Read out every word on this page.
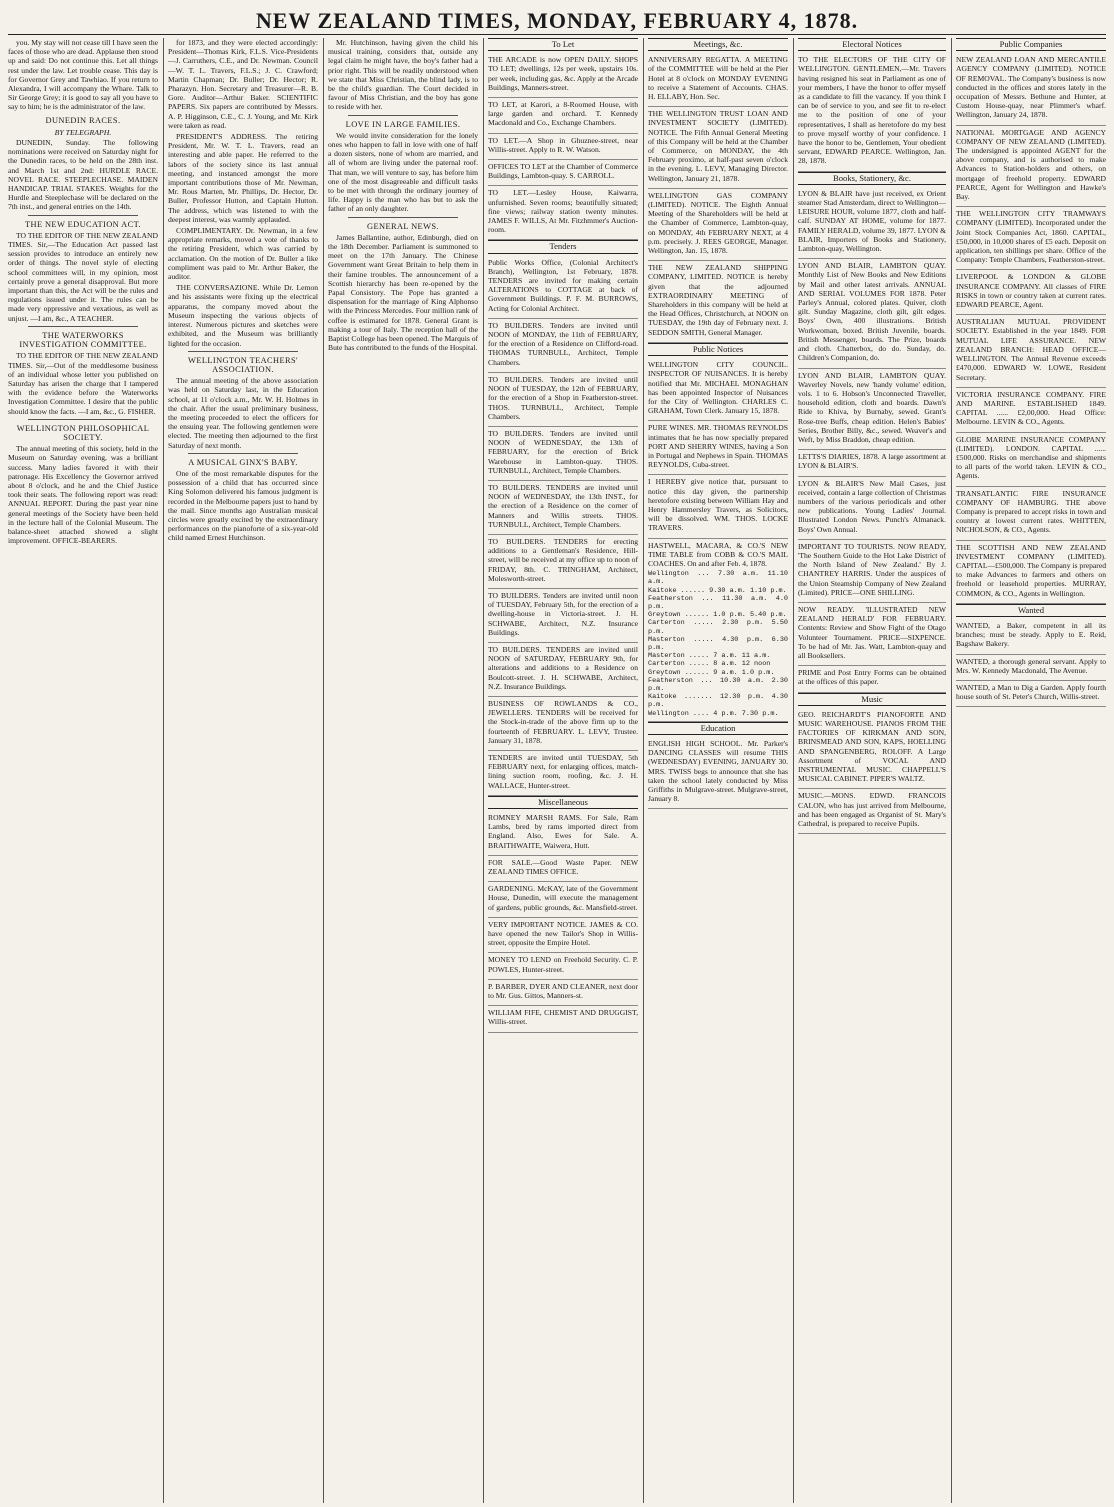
NEW ZEALAND TIMES, MONDAY, FEBRUARY 4, 1878.

you. My stay will not cease till I have seen the faces of those who are dead. Applause then stood up and said: Do not continue this. Let all things rest under the law. Let trouble cease. This day is for Governor Grey and Tawhiao. If you return to Alexandra, I will accompany the Whare. Talk to Sir George Grey; it is good to say all you have to say to him; he is the administrator of the law.

DUNEDIN RACES.
BY TELEGRAPH.

DUNEDIN, Sunday. The following nominations were received on Saturday night for the Dunedin races, to be held on the 28th inst. and March 1st and 2nd: HURDLE RACE. NOVEL RACE. STEEPLECHASE. MAIDEN HANDICAP. TRIAL STAKES. Weights for the Hurdle and Steeplechase will be declared on the 7th inst., and general entries on the 14th.

THE NEW EDUCATION ACT.

TO THE EDITOR OF THE NEW ZEALAND TIMES. Sir,—The Education Act passed last session provides to introduce an entirely new order of things. The novel style of electing school committees will, in my opinion, most certainly prove a general disapproval. But more important than this, the Act will be the rules and regulations issued under it. The rules can be made very oppressive and vexatious, as well as unjust. —I am, &c., A TEACHER.

THE WATERWORKS INVESTIGATION COMMITTEE.

TO THE EDITOR OF THE NEW ZEALAND TIMES. Sir,—Out of the meddlesome business of an individual whose letter you published on Saturday has arisen the charge that I tampered with the evidence before the Waterworks Investigation Committee. I desire that the public should know the facts. —I am, &c., G. FISHER.

WELLINGTON PHILOSOPHICAL SOCIETY.

The annual meeting of this society, held in the Museum on Saturday evening, was a brilliant success. Many ladies favored it with their patronage. His Excellency the Governor arrived about 8 o'clock, and he and the Chief Justice took their seats. The following report was read: ANNUAL REPORT. During the past year nine general meetings of the Society have been held in the lecture hall of the Colonial Museum. The balance-sheet attached showed a slight improvement. OFFICE-BEARERS.

for 1873, and they were elected accordingly: President—Thomas Kirk, F.L.S. Vice-Presidents—J. Carruthers, C.E., and Dr. Newman. Council—W. T. L. Travers, F.L.S.; J. C. Crawford; Martin Chapman; Dr. Buller; Dr. Hector; R. Pharazyn. Hon. Secretary and Treasurer—R. B. Gore. Auditor—Arthur Baker. SCIENTIFIC PAPERS. Six papers are contributed by Messrs. A. P. Higginson, C.E., C. J. Young, and Mr. Kirk were taken as read.

PRESIDENT'S ADDRESS. The retiring President, Mr. W. T. L. Travers, read an interesting and able paper. He referred to the labors of the society since its last annual meeting, and instanced amongst the more important contributions those of Mr. Newman, Mr. Rous Marten, Mr. Phillips, Dr. Hector, Dr. Buller, Professor Hutton, and Captain Hutton. The address, which was listened to with the deepest interest, was warmly applauded.

COMPLIMENTARY. Dr. Newman, in a few appropriate remarks, moved a vote of thanks to the retiring President, which was carried by acclamation. On the motion of Dr. Buller a like compliment was paid to Mr. Arthur Baker, the auditor.

THE CONVERSAZIONE. While Dr. Lemon and his assistants were fixing up the electrical apparatus, the company moved about the Museum inspecting the various objects of interest. Numerous pictures and sketches were exhibited, and the Museum was brilliantly lighted for the occasion.

WELLINGTON TEACHERS' ASSOCIATION.

The annual meeting of the above association was held on Saturday last, in the Education school, at 11 o'clock a.m., Mr. W. H. Holmes in the chair. After the usual preliminary business, the meeting proceeded to elect the officers for the ensuing year. The following gentlemen were elected. The meeting then adjourned to the first Saturday of next month.

A MUSICAL GINX'S BABY.

One of the most remarkable disputes for the possession of a child that has occurred since King Solomon delivered his famous judgment is recorded in the Melbourne papers just to hand by the mail. Since months ago Australian musical circles were greatly excited by the extraordinary performances on the pianoforte of a six-year-old child named Ernest Hutchinson.

Mr. Hutchinson, having given the child his musical training, considers that, outside any legal claim he might have, the boy's father had a prior right. This will be readily understood when we state that Miss Christian, the blind lady, is to be the child's guardian. The Court decided in favour of Miss Christian, and the boy has gone to reside with her.

LOVE IN LARGE FAMILIES.

We would invite consideration for the lonely ones who happen to fall in love with one of half a dozen sisters, none of whom are married, and all of whom are living under the paternal roof. That man, we will venture to say, has before him one of the most disagreeable and difficult tasks to be met with through the ordinary journey of life. Happy is the man who has but to ask the father of an only daughter.

GENERAL NEWS.

James Ballantine, author, Edinburgh, died on the 18th December. Parliament is summoned to meet on the 17th January. The Chinese Government want Great Britain to help them in their famine troubles. The announcement of a Scottish hierarchy has been re-opened by the Papal Consistory. The Pope has granted a dispensation for the marriage of King Alphonso with the Princess Mercedes. Four million rank of coffee is estimated for 1878. General Grant is making a tour of Italy. The reception hall of the Baptist College has been opened. The Marquis of Bute has contributed to the funds of the Hospital.

To Let

THE ARCADE is now OPEN DAILY. SHOPS TO LET; dwellings, 12s per week, upstairs 10s. per week, including gas, &c. Apply at the Arcade Buildings, Manners-street.

TO LET, at Karori, a 8-Roomed House, with large garden and orchard. T. Kennedy Macdonald and Co., Exchange Chambers.

TO LET.—A Shop in Ghuznee-street, near Willis-street. Apply to R. W. Watson.

OFFICES TO LET at the Chamber of Commerce Buildings, Lambton-quay. S. CARROLL.

TO LET.—Lesley House, Kaiwarra, unfurnished. Seven rooms; beautifully situated; fine views; railway station twenty minutes. JAMES F. WILLS, At Mr. Fitzhmmer's Auction-room.

Tenders

Public Works Office, (Colonial Architect's Branch), Wellington, 1st February, 1878. TENDERS are invited for making certain ALTERATIONS to COTTAGE at back of Government Buildings. P. F. M. BURROWS, Acting for Colonial Architect.

TO BUILDERS. Tenders are invited until NOON of MONDAY, the 11th of FEBRUARY, for the erection of a Residence on Clifford-road. THOMAS TURNBULL, Architect, Temple Chambers.

TO BUILDERS. Tenders are invited until NOON of TUESDAY, the 12th of FEBRUARY, for the erection of a Shop in Featherston-street. THOS. TURNBULL, Architect, Temple Chambers.

TO BUILDERS. Tenders are invited until NOON of WEDNESDAY, the 13th of FEBRUARY, for the erection of Brick Warehouse in Lambton-quay. THOS. TURNBULL, Architect, Temple Chambers.

TO BUILDERS. TENDERS are invited until NOON of WEDNESDAY, the 13th INST., for the erection of a Residence on the corner of Manners and Willis streets. THOS. TURNBULL, Architect, Temple Chambers.

TO BUILDERS. TENDERS for erecting additions to a Gentleman's Residence, Hill-street, will be received at my office up to noon of FRIDAY, 8th. C. TRINGHAM, Architect, Molesworth-street.

TO BUILDERS. Tenders are invited until noon of TUESDAY, February 5th, for the erection of a dwelling-house in Victoria-street. J. H. SCHWABE, Architect, N.Z. Insurance Buildings.

TO BUILDERS. TENDERS are invited until NOON of SATURDAY, FEBRUARY 9th, for alterations and additions to a Residence on Boulcott-street. J. H. SCHWABE, Architect, N.Z. Insurance Buildings.

BUSINESS OF ROWLANDS & CO., JEWELLERS. TENDERS will be received for the Stock-in-trade of the above firm up to the fourteenth of FEBRUARY. L. LEVY, Trustee. January 31, 1878.

TENDERS are invited until TUESDAY, 5th FEBRUARY next, for enlarging offices, match-lining suction room, roofing, &c. J. H. WALLACE, Hunter-street.

Miscellaneous

ROMNEY MARSH RAMS. For Sale, Ram Lambs, bred by rams imported direct from England. Also, Ewes for Sale. A. BRAITHWAITE, Waiwera, Hutt.

FOR SALE.—Good Waste Paper. NEW ZEALAND TIMES OFFICE.

GARDENING. McKAY, late of the Government House, Dunedin, will execute the management of gardens, public grounds, &c. Mansfield-street.

VERY IMPORTANT NOTICE. JAMES & CO. have opened the new Tailor's Shop in Willis-street, opposite the Empire Hotel.

MONEY TO LEND on Freehold Security. C. P. POWLES, Hunter-street.

P. BARBER, DYER AND CLEANER, next door to Mr. Gus. Gittos, Manners-st.

WILLIAM FIFE, CHEMIST AND DRUGGIST, Willis-street.

Meetings, &c.

ANNIVERSARY REGATTA. A MEETING of the COMMITTEE will be held at the Pier Hotel at 8 o'clock on MONDAY EVENING to receive a Statement of Accounts. CHAS. H. ELLABY, Hon. Sec.

THE WELLINGTON TRUST LOAN AND INVESTMENT SOCIETY (LIMITED). NOTICE. The Fifth Annual General Meeting of this Company will be held at the Chamber of Commerce, on MONDAY, the 4th February proximo, at half-past seven o'clock in the evening. L. LEVY, Managing Director. Wellington, January 21, 1878.

WELLINGTON GAS COMPANY (LIMITED). NOTICE. The Eighth Annual Meeting of the Shareholders will be held at the Chamber of Commerce, Lambton-quay, on MONDAY, 4th FEBRUARY NEXT, at 4 p.m. precisely. J. REES GEORGE, Manager. Wellington, Jan. 15, 1878.

THE NEW ZEALAND SHIPPING COMPANY, LIMITED. NOTICE is hereby given that the adjourned EXTRAORDINARY MEETING of Shareholders in this company will be held at the Head Offices, Christchurch, at NOON on TUESDAY, the 19th day of February next. J. SEDDON SMITH, General Manager.

Public Notices

WELLINGTON CITY COUNCIL. INSPECTOR OF NUISANCES. It is hereby notified that Mr. MICHAEL MONAGHAN has been appointed Inspector of Nuisances for the City of Wellington. CHARLES C. GRAHAM, Town Clerk. January 15, 1878.

PURE WINES. MR. THOMAS REYNOLDS intimates that he has now specially prepared PORT AND SHERRY WINES, having a Son in Portugal and Nephews in Spain. THOMAS REYNOLDS, Cuba-street.

I HEREBY give notice that, pursuant to notice this day given, the partnership heretofore existing between William Hay and Henry Hammersley Travers, as Solicitors, will be dissolved. WM. THOS. LOCKE TRAVERS.

HASTWELL, MACARA, & CO.'S NEW TIME TABLE from COBB & CO.'S MAIL COACHES. On and after Feb. 4, 1878.

Wellington ... 7.30 a.m. 11.10 a.m.
Kaitoke ...... 9.30 a.m. 1.10 p.m.
Featherston ... 11.30 a.m. 4.0 p.m.
Greytown ...... 1.0 p.m. 5.40 p.m.
Carterton ..... 2.30 p.m. 5.50 p.m.
Masterton ..... 4.30 p.m. 6.30 p.m.
Masterton ..... 7 a.m. 11 a.m.
Carterton ..... 8 a.m. 12 noon
Greytown ...... 9 a.m. 1.0 p.m.
Featherston ... 10.30 a.m. 2.30 p.m.
Kaitoke ....... 12.30 p.m. 4.30 p.m.
Wellington .... 4 p.m. 7.30 p.m.
Education

ENGLISH HIGH SCHOOL. Mr. Parker's DANCING CLASSES will resume THIS (WEDNESDAY) EVENING, JANUARY 30. MRS. TWISS begs to announce that she has taken the school lately conducted by Miss Griffiths in Mulgrave-street. Mulgrave-street, January 8.

Electoral Notices

TO THE ELECTORS OF THE CITY OF WELLINGTON. GENTLEMEN,—Mr. Travers having resigned his seat in Parliament as one of your members, I have the honor to offer myself as a candidate to fill the vacancy. If you think I can be of service to you, and see fit to re-elect me to the position of one of your representatives, I shall as heretofore do my best to prove myself worthy of your confidence. I have the honor to be, Gentlemen, Your obedient servant, EDWARD PEARCE. Wellington, Jan. 28, 1878.

Books, Stationery, &c.

LYON & BLAIR have just received, ex Orient steamer Stad Amsterdam, direct to Wellington—LEISURE HOUR, volume 1877, cloth and half-calf. SUNDAY AT HOME, volume for 1877. FAMILY HERALD, volume 39, 1877. LYON & BLAIR, Importers of Books and Stationery, Lambton-quay, Wellington.

LYON AND BLAIR, LAMBTON QUAY. Monthly List of New Books and New Editions by Mail and other latest arrivals. ANNUAL AND SERIAL VOLUMES FOR 1878. Peter Parley's Annual, colored plates. Quiver, cloth gilt. Sunday Magazine, cloth gilt, gilt edges. Boys' Own, 400 illustrations. British Workwoman, boxed. British Juvenile, boards. British Messenger, boards. The Prize, boards and cloth. Chatterbox, do do. Sunday, do. Children's Companion, do.

LYON AND BLAIR, LAMBTON QUAY. Waverley Novels, new 'handy volume' edition, vols. 1 to 6. Hobson's Unconnected Traveller, household edition, cloth and boards. Dawn's Ride to Khiva, by Burnaby, sewed. Grant's Rose-tree Buffs, cheap edition. Helen's Babies' Series, Brother Billy, &c., sewed. Weaver's and Weft, by Miss Braddon, cheap edition.

LETTS'S DIARIES, 1878. A large assortment at LYON & BLAIR'S.

LYON & BLAIR'S New Mail Cases, just received, contain a large collection of Christmas numbers of the various periodicals and other new publications. Young Ladies' Journal. Illustrated London News. Punch's Almanack. Boys' Own Annual.

IMPORTANT TO TOURISTS. NOW READY, 'The Southern Guide to the Hot Lake District of the North Island of New Zealand.' By J. CHANTREY HARRIS. Under the auspices of the Union Steamship Company of New Zealand (Limited). PRICE—ONE SHILLING.

NOW READY. 'ILLUSTRATED NEW ZEALAND HERALD' FOR FEBRUARY. Contents: Review and Show Fight of the Otago Volunteer Tournament. PRICE—SIXPENCE. To be had of Mr. Jas. Watt, Lambton-quay and all Booksellers.

PRIME and Post Entry Forms can be obtained at the offices of this paper.

Music

GEO. REICHARDT'S PIANOFORTE AND MUSIC WAREHOUSE. PIANOS FROM THE FACTORIES OF KIRKMAN AND SON, BRINSMEAD AND SON, KAPS, HOELLING AND SPANGENBERG, ROLOFF. A Large Assortment of VOCAL AND INSTRUMENTAL MUSIC. CHAPPELL'S MUSICAL CABINET. PIPER'S WALTZ.

MUSIC.—MONS. EDWD. FRANCOIS CALON, who has just arrived from Melbourne, and has been engaged as Organist of St. Mary's Cathedral, is prepared to receive Pupils.

Public Companies

NEW ZEALAND LOAN AND MERCANTILE AGENCY COMPANY (LIMITED). NOTICE OF REMOVAL. The Company's business is now conducted in the offices and stores lately in the occupation of Messrs. Bethune and Hunter, at Custom House-quay, near Plimmer's wharf. Wellington, January 24, 1878.

NATIONAL MORTGAGE AND AGENCY COMPANY OF NEW ZEALAND (LIMITED). The undersigned is appointed AGENT for the above company, and is authorised to make Advances to Station-holders and others, on mortgage of freehold property. EDWARD PEARCE, Agent for Wellington and Hawke's Bay.

THE WELLINGTON CITY TRAMWAYS COMPANY (LIMITED). Incorporated under the Joint Stock Companies Act, 1860. CAPITAL, £50,000, in 10,000 shares of £5 each. Deposit on application, ten shillings per share. Office of the Company: Temple Chambers, Featherston-street.

LIVERPOOL & LONDON & GLOBE INSURANCE COMPANY. All classes of FIRE RISKS in town or country taken at current rates. EDWARD PEARCE, Agent.

AUSTRALIAN MUTUAL PROVIDENT SOCIETY. Established in the year 1849. FOR MUTUAL LIFE ASSURANCE. NEW ZEALAND BRANCH: HEAD OFFICE—WELLINGTON. The Annual Revenue exceeds £470,000. EDWARD W. LOWE, Resident Secretary.

VICTORIA INSURANCE COMPANY. FIRE AND MARINE. ESTABLISHED 1849. CAPITAL ...... £2,00,000. Head Office: Melbourne. LEVIN & CO., Agents.

GLOBE MARINE INSURANCE COMPANY (LIMITED). LONDON. CAPITAL ...... £500,000. Risks on merchandise and shipments to all parts of the world taken. LEVIN & CO., Agents.

TRANSATLANTIC FIRE INSURANCE COMPANY OF HAMBURG. THE above Company is prepared to accept risks in town and country at lowest current rates. WHITTEN, NICHOLSON, & CO., Agents.

THE SCOTTISH AND NEW ZEALAND INVESTMENT COMPANY (LIMITED). CAPITAL—£500,000. The Company is prepared to make Advances to farmers and others on freehold or leasehold properties. MURRAY, COMMON, & CO., Agents in Wellington.

Wanted

WANTED, a Baker, competent in all its branches; must be steady. Apply to E. Reid, Bagshaw Bakery.

WANTED, a thorough general servant. Apply to Mrs. W. Kennedy Macdonald, The Avenue.

WANTED, a Man to Dig a Garden. Apply fourth house south of St. Peter's Church, Willis-street.
